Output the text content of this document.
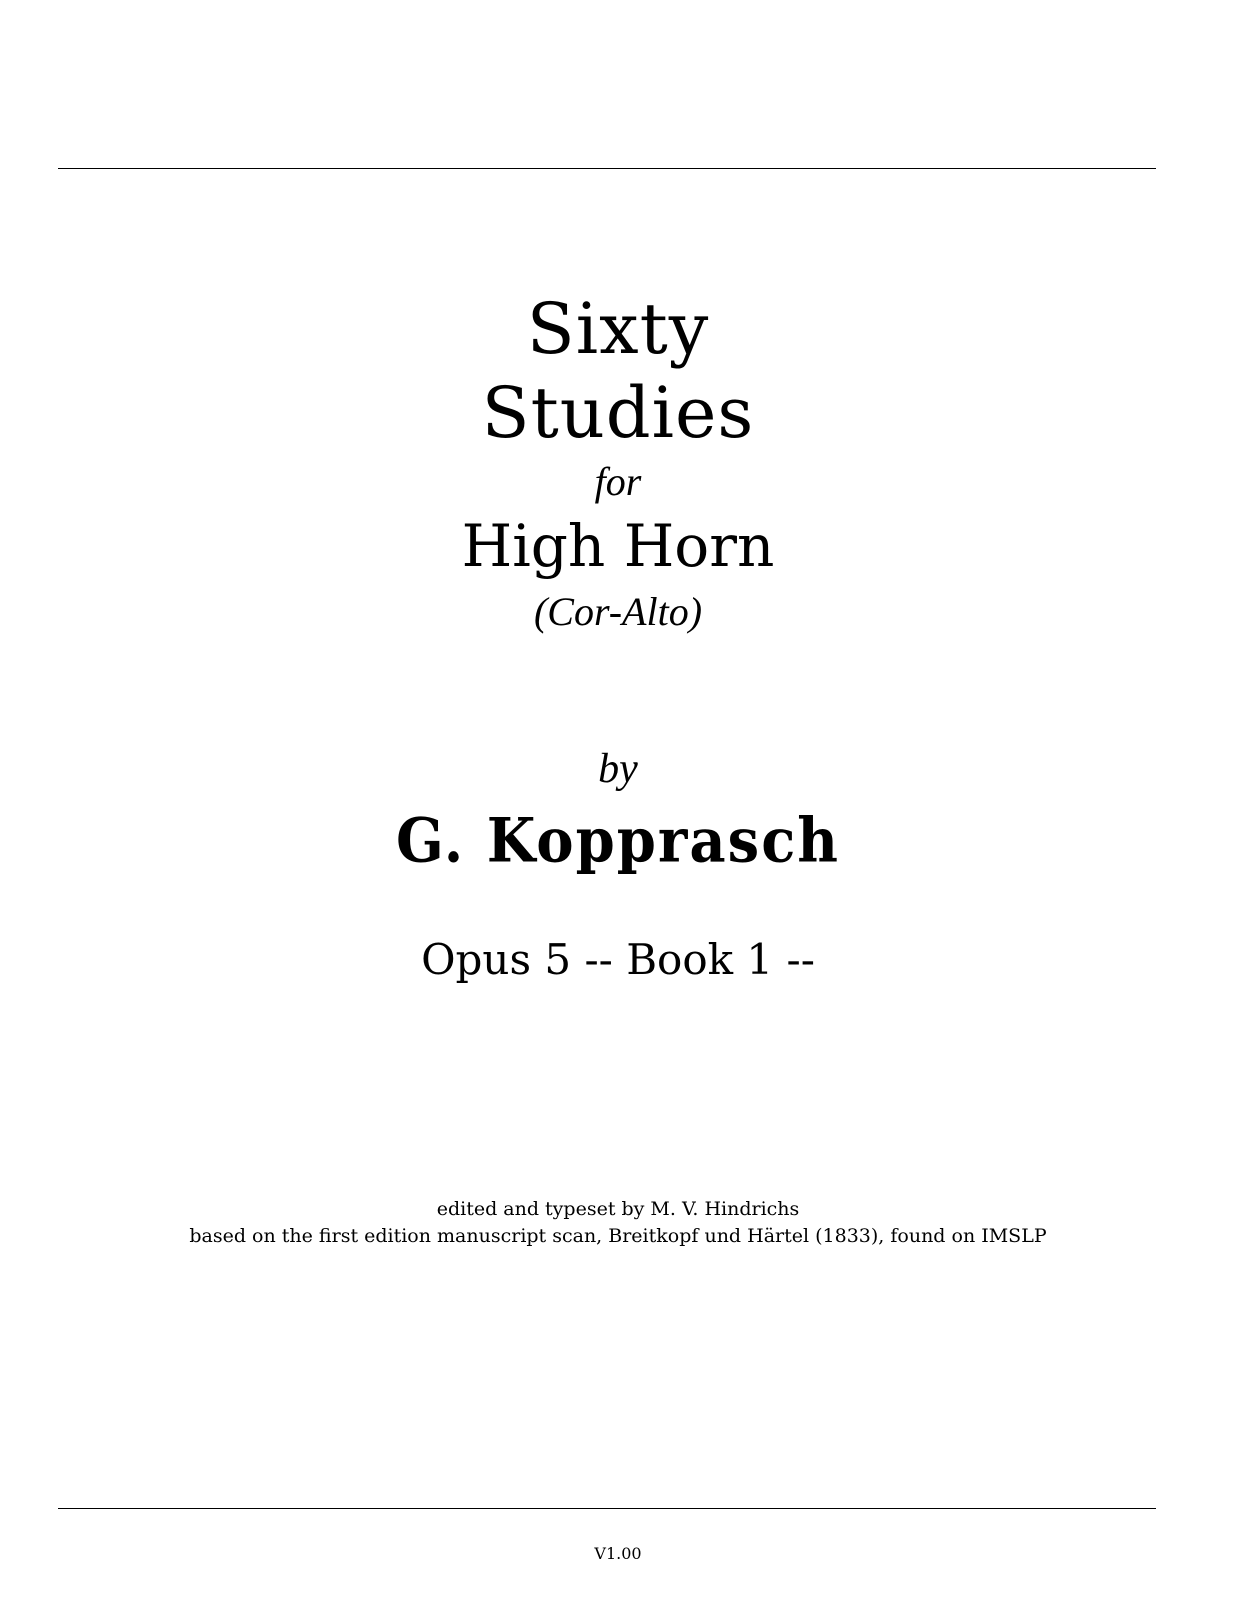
Sixty
Studies
for
High Horn
(Cor-Alto)
by
G. Kopprasch
Opus 5 -- Book 1 --
edited and typeset by M. V. Hindrichs
based on the first edition manuscript scan, Breitkopf und Härtel (1833), found on IMSLP
V1.00
